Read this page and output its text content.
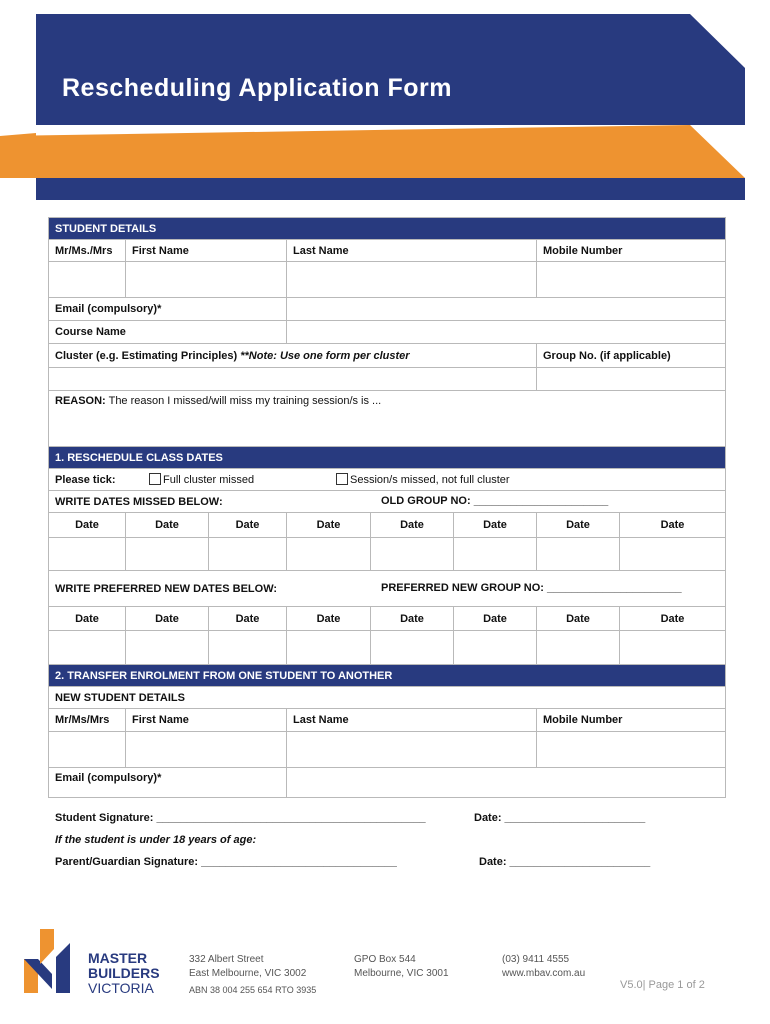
Rescheduling Application Form
STUDENT DETAILS							
Mr/Ms./Mrs	First Name		Last Name			Mobile Number	

Email (compulsory)*							
Course Name							
Cluster (e.g. Estimating Principles) **Note: Use one form per cluster						Group No. (if applicable)	

REASON: The reason I missed/will miss my training session/s is ...							
1. RESCHEDULE CLASS DATES							
Please tick: Full cluster missed Session/s missed, not full cluster							

WRITE DATES MISSED BELOW: OLD GROUP NO: ______________________							

Date	Date	Date	Date	Date	Date	Date	Date

WRITE PREFERRED NEW DATES BELOW: PREFERRED NEW GROUP NO: ______________________							

Date	Date	Date	Date	Date	Date	Date	Date

2. TRANSFER ENROLMENT FROM ONE STUDENT TO ANOTHER							
NEW STUDENT DETAILS							
Mr/Ms/Mrs	First Name		Last Name			Mobile Number	

Email (compulsory)*							
Student Signature: ____________________________________________	Date: _______________________
If the student is under 18 years of age:
Parent/Guardian Signature: ________________________________	Date: _______________________
MASTER
BUILDERS
VICTORIA
332 Albert Street
East Melbourne, VIC 3002
ABN 38 004 255 654 RTO 3935
GPO Box 544
Melbourne, VIC 3001
(03) 9411 4555
www.mbav.com.au
V5.0| Page 1 of 2
